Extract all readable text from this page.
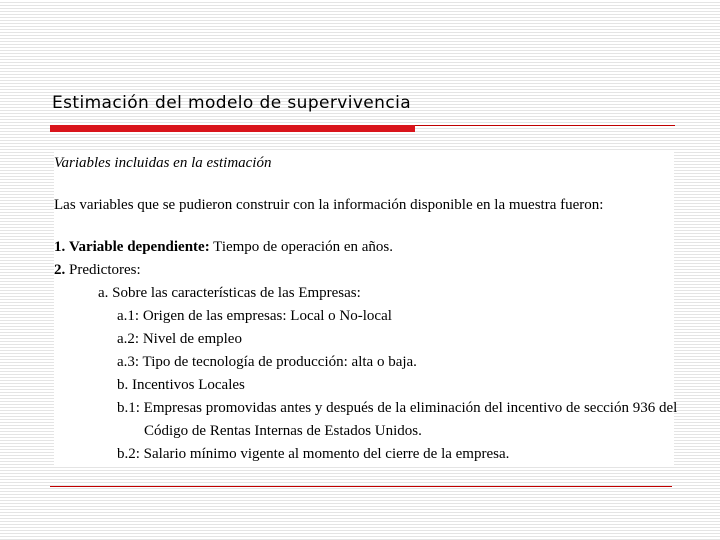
Estimación del modelo de supervivencia
Variables incluidas en la estimación
Las variables que se pudieron construir con la información disponible en la muestra fueron:
1. Variable dependiente: Tiempo de operación en años.
2. Predictores:
a. Sobre las características de las Empresas:
a.1: Origen de las empresas: Local o No-local
a.2: Nivel de empleo
a.3: Tipo de tecnología de producción: alta o baja.
b. Incentivos Locales
b.1: Empresas promovidas antes y después de la eliminación del incentivo de sección 936 del
Código de Rentas Internas de Estados Unidos.
b.2: Salario mínimo vigente al momento del cierre de la empresa.
